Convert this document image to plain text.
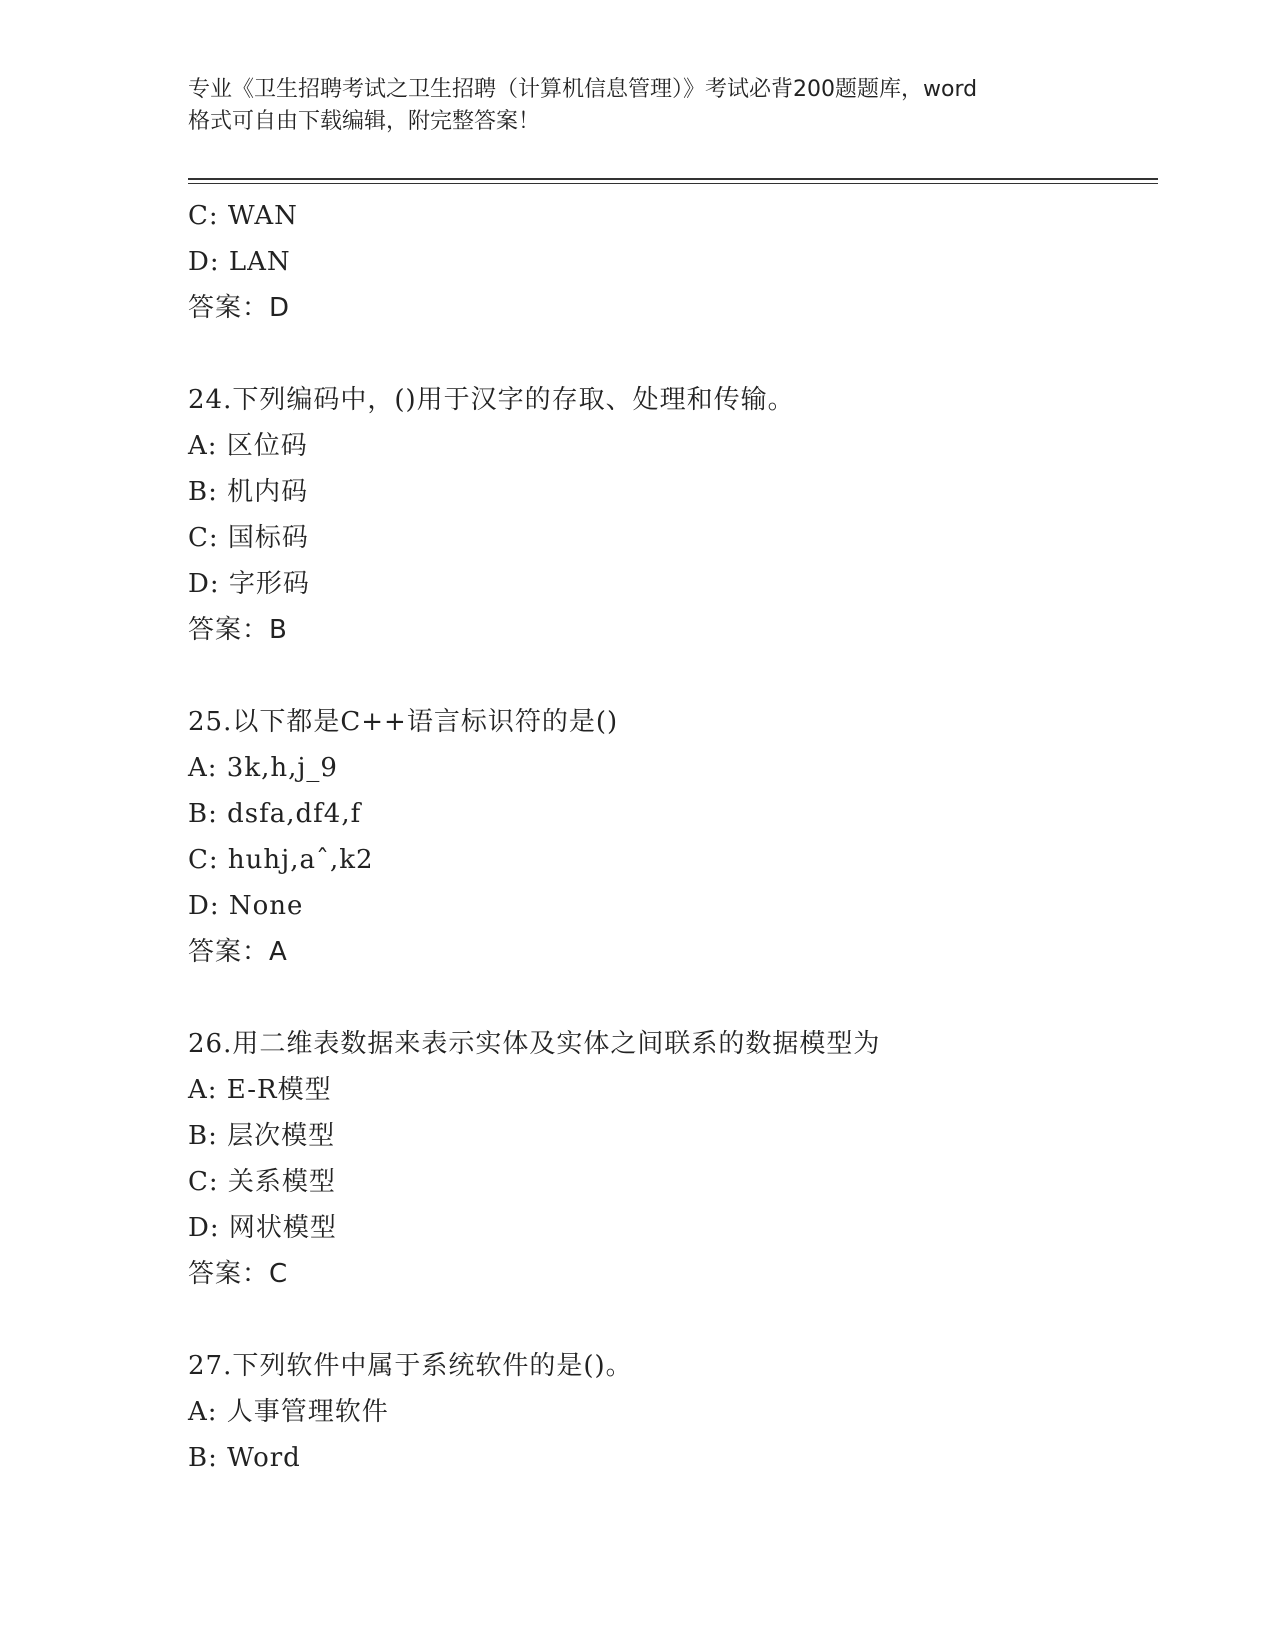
专业《卫生招聘考试之卫生招聘（计算机信息管理）》考试必背200题题库，word
格式可自由下载编辑，附完整答案！
C: WAN
D: LAN
答案：D
24.下列编码中，()用于汉字的存取、处理和传输。
A: 区位码
B: 机内码
C: 国标码
D: 字形码
答案：B
25.以下都是C++语言标识符的是()
A: 3k,h,j_9
B: dsfa,df4,f
C: huhj,aˆ,k2
D: None
答案：A
26.用二维表数据来表示实体及实体之间联系的数据模型为
A: E-R模型
B: 层次模型
C: 关系模型
D: 网状模型
答案：C
27.下列软件中属于系统软件的是()。
A: 人事管理软件
B: Word
